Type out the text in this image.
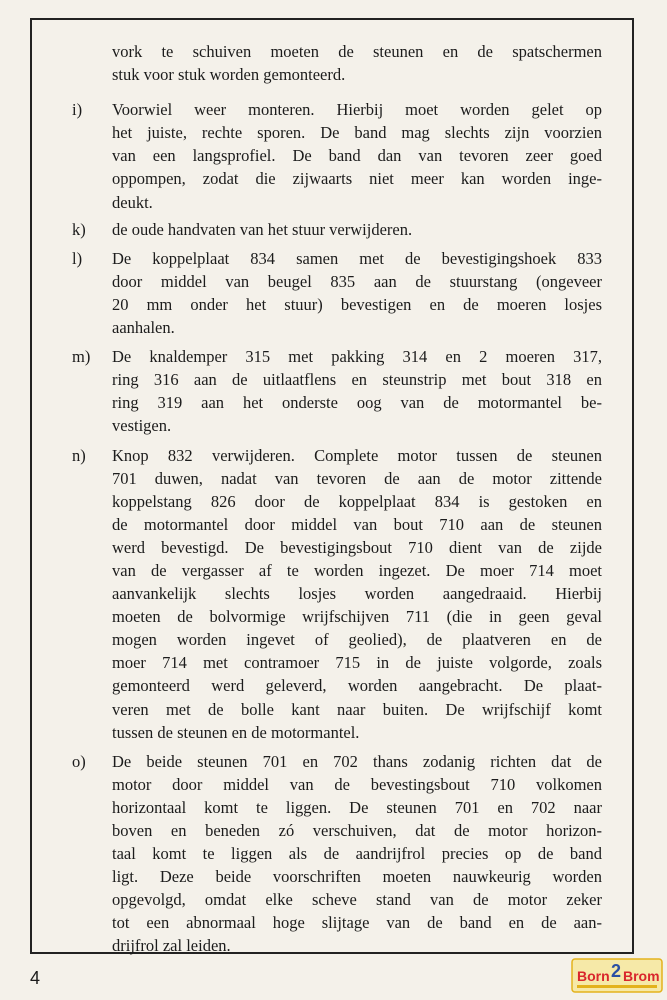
vork te schuiven moeten de steunen en de spatschermen
stuk voor stuk worden gemonteerd.
i)	Voorwiel weer monteren. Hierbij moet worden gelet op
het juiste, rechte sporen. De band mag slechts zijn voorzien
van een langsprofiel. De band dan van tevoren zeer goed
oppompen, zodat die zijwaarts niet meer kan worden inge-
deukt.
k)	de oude handvaten van het stuur verwijderen.
l)	De koppelplaat 834 samen met de bevestigingshoek 833
door middel van beugel 835 aan de stuurstang (ongeveer
20 mm onder het stuur) bevestigen en de moeren losjes
aanhalen.
m)	De knaldemper 315 met pakking 314 en 2 moeren 317,
ring 316 aan de uitlaatflens en steunstrip met bout 318 en
ring 319 aan het onderste oog van de motormantel be-
vestigen.
n)	Knop 832 verwijderen. Complete motor tussen de steunen
701 duwen, nadat van tevoren de aan de motor zittende
koppelstang 826 door de koppelplaat 834 is gestoken en
de motormantel door middel van bout 710 aan de steunen
werd bevestigd. De bevestigingsbout 710 dient van de zijde
van de vergasser af te worden ingezet. De moer 714 moet
aanvankelijk slechts losjes worden aangedraaid. Hierbij
moeten de bolvormige wrijfschijven 711 (die in geen geval
mogen worden ingevet of geolied), de plaatveren en de
moer 714 met contramoer 715 in de juiste volgorde, zoals
gemonteerd werd geleverd, worden aangebracht. De plaat-
veren met de bolle kant naar buiten. De wrijfschijf komt
tussen de steunen en de motormantel.
o)	De beide steunen 701 en 702 thans zodanig richten dat de
motor door middel van de bevestingsbout 710 volkomen
horizontaal komt te liggen. De steunen 701 en 702 naar
boven en beneden zó verschuiven, dat de motor horizon-
taal komt te liggen als de aandrijfrol precies op de band
ligt. Deze beide voorschriften moeten nauwkeurig worden
opgevolgd, omdat elke scheve stand van de motor zeker
tot een abnormaal hoge slijtage van de band en de aan-
drijfrol zal leiden.
4	Born 2 Brom
